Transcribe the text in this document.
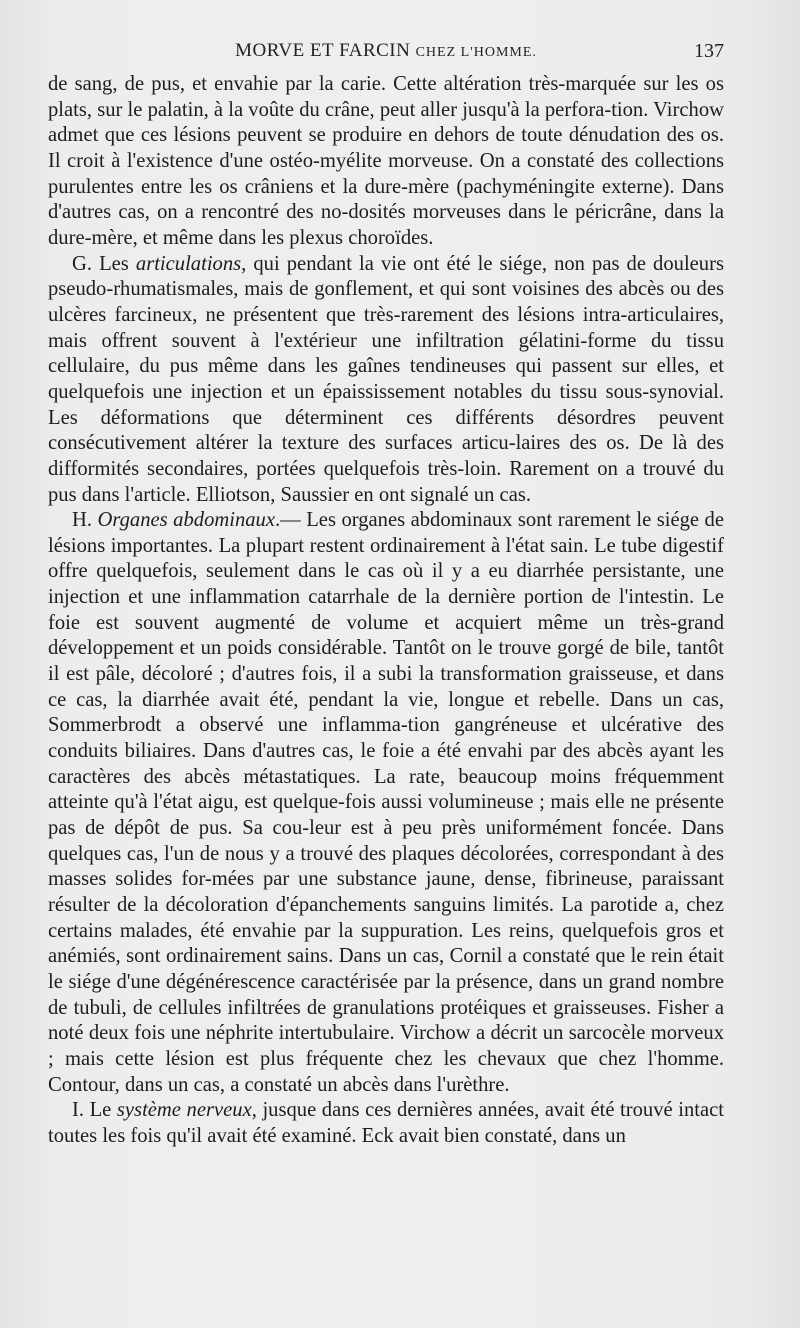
MORVE ET FARCIN CHEZ L'HOMME.	137

de sang, de pus, et envahie par la carie. Cette altération très-marquée sur les os plats, sur le palatin, à la voûte du crâne, peut aller jusqu'à la perfora-tion. Virchow admet que ces lésions peuvent se produire en dehors de toute dénudation des os. Il croit à l'existence d'une ostéo-myélite morveuse. On a constaté des collections purulentes entre les os crâniens et la dure-mère (pachyméningite externe). Dans d'autres cas, on a rencontré des no-dosités morveuses dans le péricrâne, dans la dure-mère, et même dans les plexus choroïdes.

G. Les articulations, qui pendant la vie ont été le siége, non pas de douleurs pseudo-rhumatismales, mais de gonflement, et qui sont voisines des abcès ou des ulcères farcineux, ne présentent que très-rarement des lésions intra-articulaires, mais offrent souvent à l'extérieur une infiltration gélatini-forme du tissu cellulaire, du pus même dans les gaînes tendineuses qui passent sur elles, et quelquefois une injection et un épaississement notables du tissu sous-synovial. Les déformations que déterminent ces différents désordres peuvent consécutivement altérer la texture des surfaces articu-laires des os. De là des difformités secondaires, portées quelquefois très-loin. Rarement on a trouvé du pus dans l'article. Elliotson, Saussier en ont signalé un cas.

H. Organes abdominaux.— Les organes abdominaux sont rarement le siége de lésions importantes. La plupart restent ordinairement à l'état sain. Le tube digestif offre quelquefois, seulement dans le cas où il y a eu diarrhée persistante, une injection et une inflammation catarrhale de la dernière portion de l'intestin. Le foie est souvent augmenté de volume et acquiert même un très-grand développement et un poids considérable. Tantôt on le trouve gorgé de bile, tantôt il est pâle, décoloré ; d'autres fois, il a subi la transformation graisseuse, et dans ce cas, la diarrhée avait été, pendant la vie, longue et rebelle. Dans un cas, Sommerbrodt a observé une inflamma-tion gangréneuse et ulcérative des conduits biliaires. Dans d'autres cas, le foie a été envahi par des abcès ayant les caractères des abcès métastatiques. La rate, beaucoup moins fréquemment atteinte qu'à l'état aigu, est quelque-fois aussi volumineuse ; mais elle ne présente pas de dépôt de pus. Sa cou-leur est à peu près uniformément foncée. Dans quelques cas, l'un de nous y a trouvé des plaques décolorées, correspondant à des masses solides for-mées par une substance jaune, dense, fibrineuse, paraissant résulter de la décoloration d'épanchements sanguins limités. La parotide a, chez certains malades, été envahie par la suppuration. Les reins, quelquefois gros et anémiés, sont ordinairement sains. Dans un cas, Cornil a constaté que le rein était le siége d'une dégénérescence caractérisée par la présence, dans un grand nombre de tubuli, de cellules infiltrées de granulations protéiques et graisseuses. Fisher a noté deux fois une néphrite intertubulaire. Virchow a décrit un sarcocèle morveux ; mais cette lésion est plus fréquente chez les chevaux que chez l'homme. Contour, dans un cas, a constaté un abcès dans l'urèthre.

I. Le système nerveux, jusque dans ces dernières années, avait été trouvé intact toutes les fois qu'il avait été examiné. Eck avait bien constaté, dans un
